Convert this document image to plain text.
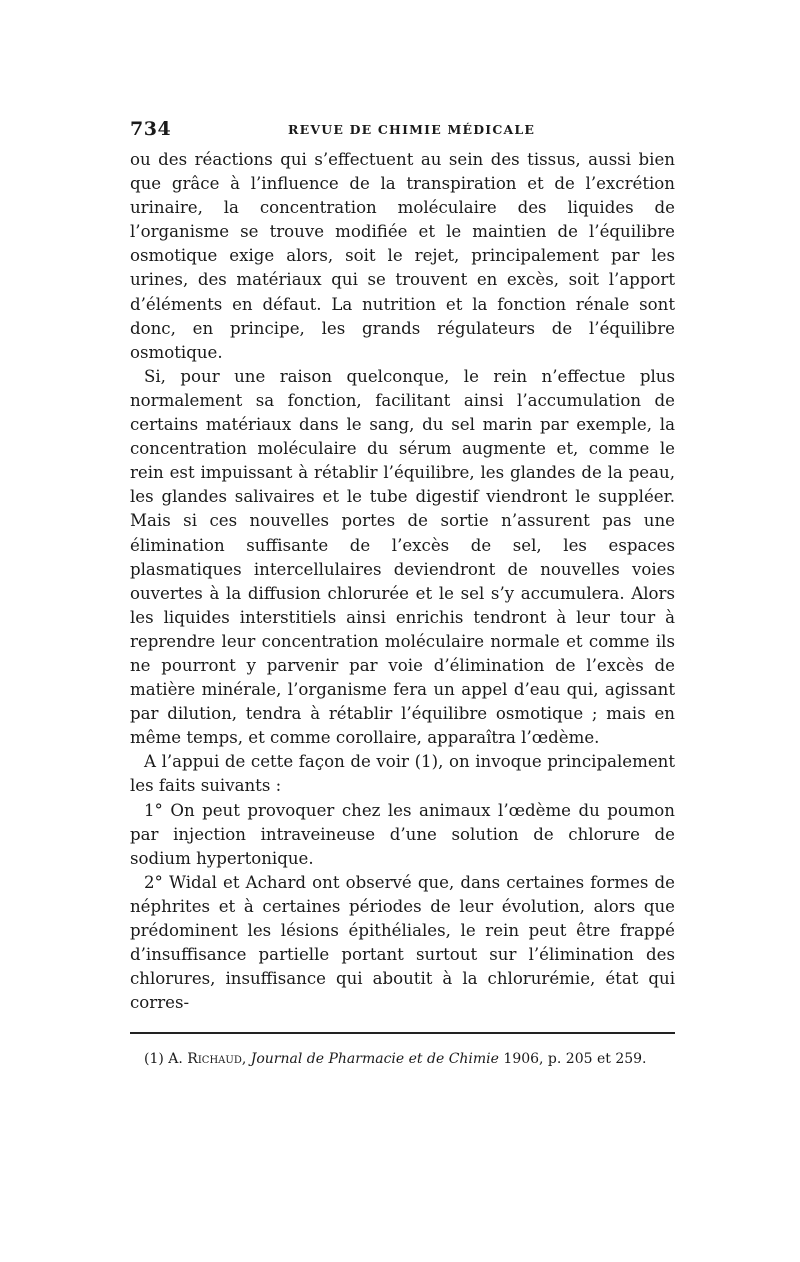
734	REVUE DE CHIMIE MÉDICALE

ou des réactions qui s’effectuent au sein des tissus, aussi bien que grâce à l’influence de la transpiration et de l’excrétion urinaire, la concentration moléculaire des liquides de l’organisme se trouve modifiée et le maintien de l’équilibre osmotique exige alors, soit le rejet, principalement par les urines, des matériaux qui se trouvent en excès, soit l’apport d’éléments en défaut. La nutrition et la fonction rénale sont donc, en principe, les grands régulateurs de l’équilibre osmotique.

Si, pour une raison quelconque, le rein n’effectue plus normalement sa fonction, facilitant ainsi l’accumulation de certains matériaux dans le sang, du sel marin par exemple, la concentration moléculaire du sérum augmente et, comme le rein est impuissant à rétablir l’équilibre, les glandes de la peau, les glandes salivaires et le tube digestif viendront le suppléer. Mais si ces nouvelles portes de sortie n’assurent pas une élimination suffisante de l’excès de sel, les espaces plasmatiques intercellulaires deviendront de nouvelles voies ouvertes à la diffusion chlorurée et le sel s’y accumulera. Alors les liquides interstitiels ainsi enrichis tendront à leur tour à reprendre leur concentration moléculaire normale et comme ils ne pourront y parvenir par voie d’élimination de l’excès de matière minérale, l’organisme fera un appel d’eau qui, agissant par dilution, tendra à rétablir l’équilibre osmotique ; mais en même temps, et comme corollaire, apparaîtra l’œdème.

A l’appui de cette façon de voir (1), on invoque principalement les faits suivants :

1° On peut provoquer chez les animaux l’œdème du poumon par injection intraveineuse d’une solution de chlorure de sodium hypertonique.

2° Widal et Achard ont observé que, dans certaines formes de néphrites et à certaines périodes de leur évolution, alors que prédominent les lésions épithéliales, le rein peut être frappé d’insuffisance partielle portant surtout sur l’élimination des chlorures, insuffisance qui aboutit à la chlorurémie, état qui corres-

(1) A. Richaud, Journal de Pharmacie et de Chimie 1906, p. 205 et 259.
